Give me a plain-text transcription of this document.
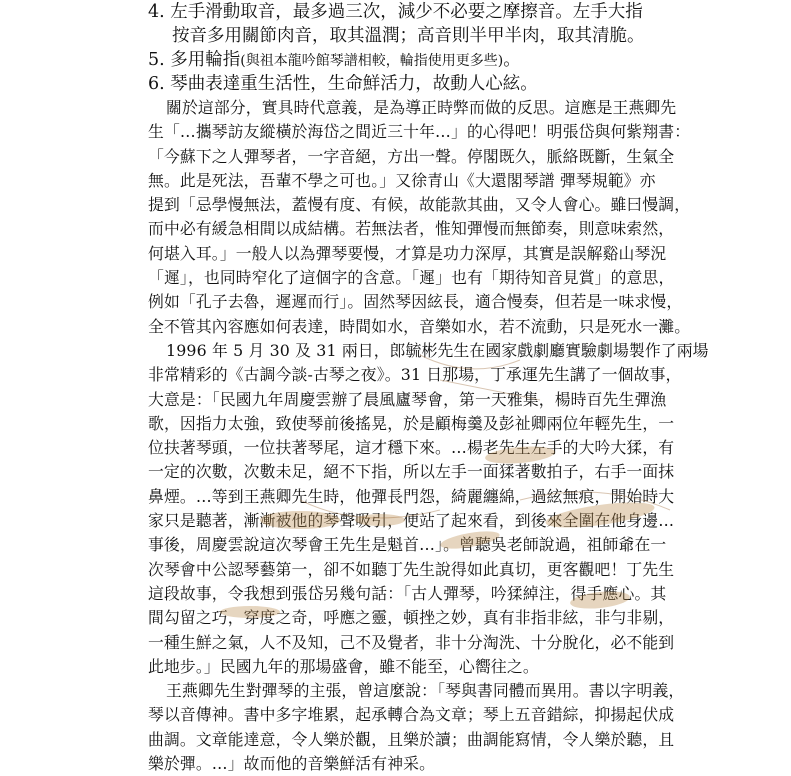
4. 左手滑動取音，最多過三次，減少不必要之摩擦音。左手大指
按音多用關節肉音，取其溫潤；高音則半甲半肉，取其清脆。
5. 多用輪指(與祖本龍吟館琴譜相較，輪指使用更多些)。
6. 琴曲表達重生活性，生命鮮活力，故動人心絃。
關於這部分，實具時代意義，是為導正時弊而做的反思。這應是王燕卿先
生「…攜琴訪友縱橫於海岱之間近三十年…」的心得吧！明張岱與何紫翔書：
「今蘇下之人彈琴者，一字音絕，方出一聲。停閣既久，脈絡既斷，生氣全
無。此是死法，吾輩不學之可也。」又徐青山《大還閣琴譜 彈琴規範》亦
提到「忌學慢無法，蓋慢有度、有候，故能款其曲，又令人會心。雖曰慢調，
而中必有緩急相間以成結構。若無法者，惟知彈慢而無節奏，則意味索然，
何堪入耳。」一般人以為彈琴要慢，才算是功力深厚，其實是誤解谿山琴況
「遲」，也同時窄化了這個字的含意。「遲」也有「期待知音見賞」的意思，
例如「孔子去魯，遲遲而行」。固然琴因絃長，適合慢奏，但若是一味求慢，
全不管其內容應如何表達，時間如水，音樂如水，若不流動，只是死水一灘。
1996 年 5 月 30 及 31 兩日，郎毓彬先生在國家戲劇廳實驗劇場製作了兩場
非常精彩的《古調今談-古琴之夜》。31 日那場，丁承運先生講了一個故事，
大意是：「民國九年周慶雲辦了晨風廬琴會，第一天雅集，楊時百先生彈漁
歌，因指力太強，致使琴前後搖晃，於是顧梅羹及彭祉卿兩位年輕先生，一
位扶著琴頭，一位扶著琴尾，這才穩下來。…楊老先生左手的大吟大猱，有
一定的次數，次數未足，絕不下指，所以左手一面猱著數拍子，右手一面抹
鼻煙。…等到王燕卿先生時，他彈長門怨，綺麗纏綿，過絃無痕，開始時大
家只是聽著，漸漸被他的琴聲吸引，便站了起來看，到後來全圍在他身邊…
事後，周慶雲說這次琴會王先生是魁首…」。曾聽吳老師說過，祖師爺在一
次琴會中公認琴藝第一，卻不如聽丁先生說得如此真切，更客觀吧！丁先生
這段故事，令我想到張岱另幾句話：「古人彈琴，吟猱綽注，得手應心。其
間勾留之巧，穿度之奇，呼應之靈，頓挫之妙，真有非指非絃，非勻非剔，
一種生鮮之氣，人不及知，己不及覺者，非十分淘洗、十分脫化，必不能到
此地步。」民國九年的那場盛會，雖不能至，心嚮往之。
王燕卿先生對彈琴的主張，曾這麼說：「琴與書同體而異用。書以字明義，
琴以音傳神。書中多字堆累，起承轉合為文章；琴上五音錯綜，抑揚起伏成
曲調。文章能達意，令人樂於觀，且樂於讀；曲調能寫情，令人樂於聽，且
樂於彈。…」故而他的音樂鮮活有神采。
